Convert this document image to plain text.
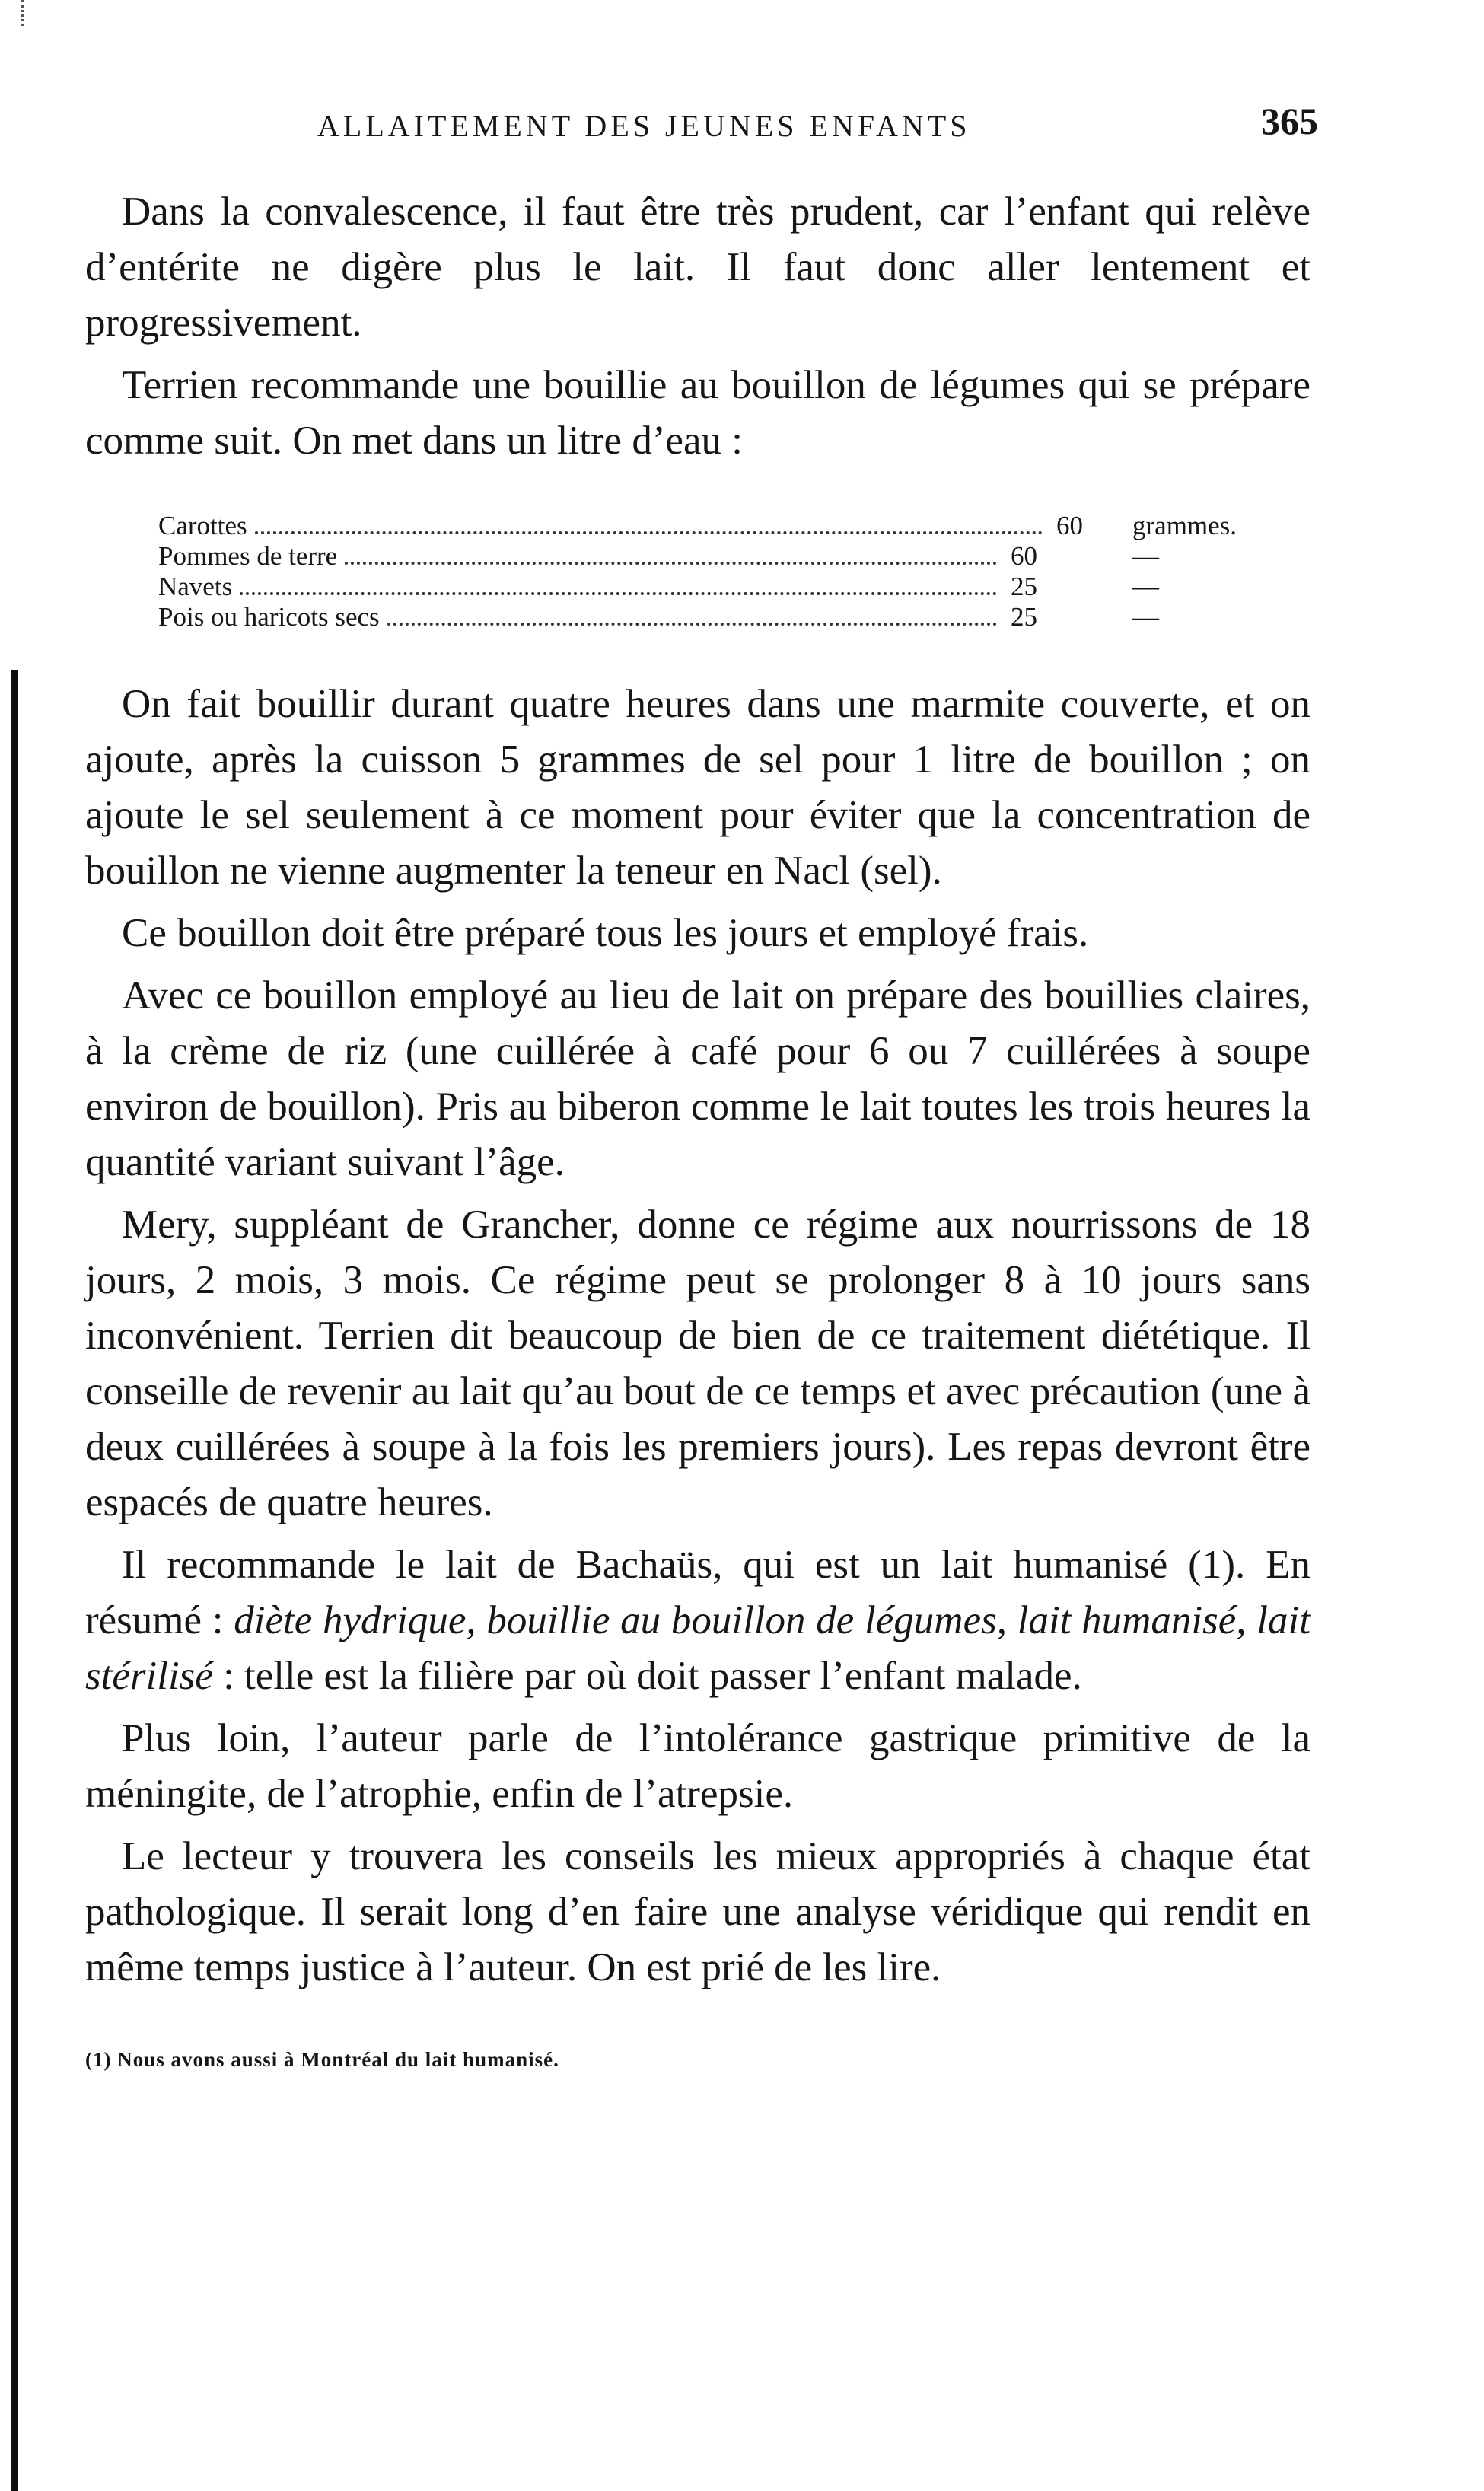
ALLAITEMENT DES JEUNES ENFANTS	365

Dans la convalescence, il faut être très prudent, car l’enfant qui relève d’entérite ne digère plus le lait. Il faut donc aller lentement et progressivement.

Terrien recommande une bouillie au bouillon de légumes qui se prépare comme suit. On met dans un litre d’eau :

Carottes	60	grammes.
Pommes de terre	60	—
Navets	25	—
Pois ou haricots secs	25	—

On fait bouillir durant quatre heures dans une marmite couverte, et on ajoute, après la cuisson 5 grammes de sel pour 1 litre de bouillon ; on ajoute le sel seulement à ce moment pour éviter que la concentration de bouillon ne vienne augmenter la teneur en Nacl (sel).

Ce bouillon doit être préparé tous les jours et employé frais.

Avec ce bouillon employé au lieu de lait on prépare des bouillies claires, à la crème de riz (une cuillérée à café pour 6 ou 7 cuillérées à soupe environ de bouillon). Pris au biberon comme le lait toutes les trois heures la quantité variant suivant l’âge.

Mery, suppléant de Grancher, donne ce régime aux nourrissons de 18 jours, 2 mois, 3 mois. Ce régime peut se prolonger 8 à 10 jours sans inconvénient. Terrien dit beaucoup de bien de ce traitement diététique. Il conseille de revenir au lait qu’au bout de ce temps et avec précaution (une à deux cuillérées à soupe à la fois les premiers jours). Les repas devront être espacés de quatre heures.

Il recommande le lait de Bachaüs, qui est un lait humanisé (1). En résumé : diète hydrique, bouillie au bouillon de légumes, lait humanisé, lait stérilisé : telle est la filière par où doit passer l’enfant malade.

Plus loin, l’auteur parle de l’intolérance gastrique primitive de la méningite, de l’atrophie, enfin de l’atrepsie.

Le lecteur y trouvera les conseils les mieux appropriés à chaque état pathologique. Il serait long d’en faire une analyse véridique qui rendit en même temps justice à l’auteur. On est prié de les lire.

(1) Nous avons aussi à Montréal du lait humanisé.
